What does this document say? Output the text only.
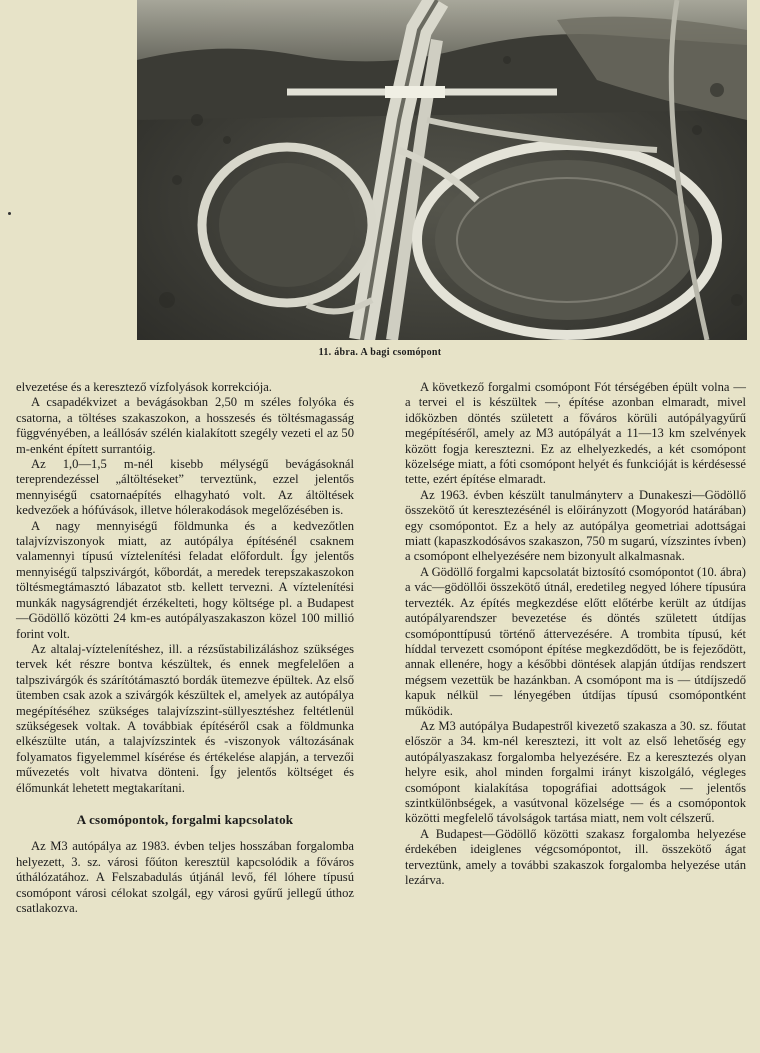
11. ábra. A bagi csomópont

elvezetése és a keresztező vízfolyások korrekciója.

A csapadékvizet a bevágásokban 2,50 m széles folyóka és csatorna, a töltéses szakaszokon, a hosszesés és töltésmagasság függvényében, a leállósáv szélén kialakított szegély vezeti el az 50 m-enként épített surrantóig.

Az 1,0—1,5 m-nél kisebb mélységű bevágásoknál tereprendezéssel „áltöltéseket” terveztünk, ezzel jelentős mennyiségű csatornaépítés elhagyható volt. Az áltöltések kedvezőek a hófúvások, illetve hólerakodások megelőzésében is.

A nagy mennyiségű földmunka és a kedvezőtlen talajvízviszonyok miatt, az autópálya építésénél csaknem valamennyi típusú víztelenítési feladat előfordult. Így jelentős mennyiségű talpszivárgót, kőbordát, a meredek terepszakaszokon töltésmegtámasztó lábazatot stb. kellett tervezni. A víztelenítési munkák nagyságrendjét érzékelteti, hogy költsége pl. a Budapest—Gödöllő közötti 24 km-es autópályaszakaszon közel 100 millió forint volt.

Az altalaj-víztelenítéshez, ill. a rézsűstabilizáláshoz szükséges tervek két részre bontva készültek, és ennek megfelelően a talpszivárgók és szárítótámasztó bordák ütemezve épültek. Az első ütemben csak azok a szivárgók készültek el, amelyek az autópálya megépítéséhez szükséges talajvízszint-süllyesztéshez feltétlenül szükségesek voltak. A továbbiak építéséről csak a földmunka elkészülte után, a talajvízszintek és -viszonyok változásának folyamatos figyelemmel kísérése és értékelése alapján, a tervezői művezetés volt hivatva dönteni. Így jelentős költséget és élőmunkát lehetett megtakarítani.

A csomópontok, forgalmi kapcsolatok

Az M3 autópálya az 1983. évben teljes hosszában forgalomba helyezett, 3. sz. városi főúton keresztül kapcsolódik a főváros úthálózatához. A Felszabadulás útjánál levő, fél lóhere típusú csomópont városi célokat szolgál, egy városi gyűrű jellegű úthoz csatlakozva.

A következő forgalmi csomópont Fót térségében épült volna — a tervei el is készültek —, építése azonban elmaradt, mivel időközben döntés született a főváros körüli autópályagyűrű megépítéséről, amely az M3 autópályát a 11—13 km szelvények között fogja keresztezni. Ez az elhelyezkedés, a két csomópont közelsége miatt, a fóti csomópont helyét és funkcióját is kérdésessé tette, ezért építése elmaradt.

Az 1963. évben készült tanulmányterv a Dunakeszi—Gödöllő összekötő út keresztezésénél is előirányzott (Mogyoród határában) egy csomópontot. Ez a hely az autópálya geometriai adottságai miatt (kapaszkodósávos szakaszon, 750 m sugarú, vízszintes ívben) a csomópont elhelyezésére nem bizonyult alkalmasnak.

A Gödöllő forgalmi kapcsolatát biztosító csomópontot (10. ábra) a vác—gödöllői összekötő útnál, eredetileg negyed lóhere típusúra tervezték. Az építés megkezdése előtt előtérbe került az útdíjas autópályarendszer bevezetése és döntés született útdíjas csomóponttípusú történő áttervezésére. A trombita típusú, két híddal tervezett csomópont építése megkezdődött, be is fejeződött, annak ellenére, hogy a későbbi döntések alapján útdíjas rendszert mégsem vezettük be hazánkban. A csomópont ma is — útdíjszedő kapuk nélkül — lényegében útdíjas típusú csomópontként működik.

Az M3 autópálya Budapestről kivezető szakasza a 30. sz. főutat először a 34. km-nél keresztezi, itt volt az első lehetőség egy autópályaszakasz forgalomba helyezésére. Ez a keresztezés olyan helyre esik, ahol minden forgalmi irányt kiszolgáló, végleges csomópont kialakítása topográfiai adottságok — jelentős szintkülönbségek, a vasútvonal közelsége — és a csomópontok közötti megfelelő távolságok tartása miatt, nem volt célszerű.

A Budapest—Gödöllő közötti szakasz forgalomba helyezése érdekében ideiglenes végcsomópontot, ill. összekötő ágat terveztünk, amely a további szakaszok forgalomba helyezése után lezárva.
